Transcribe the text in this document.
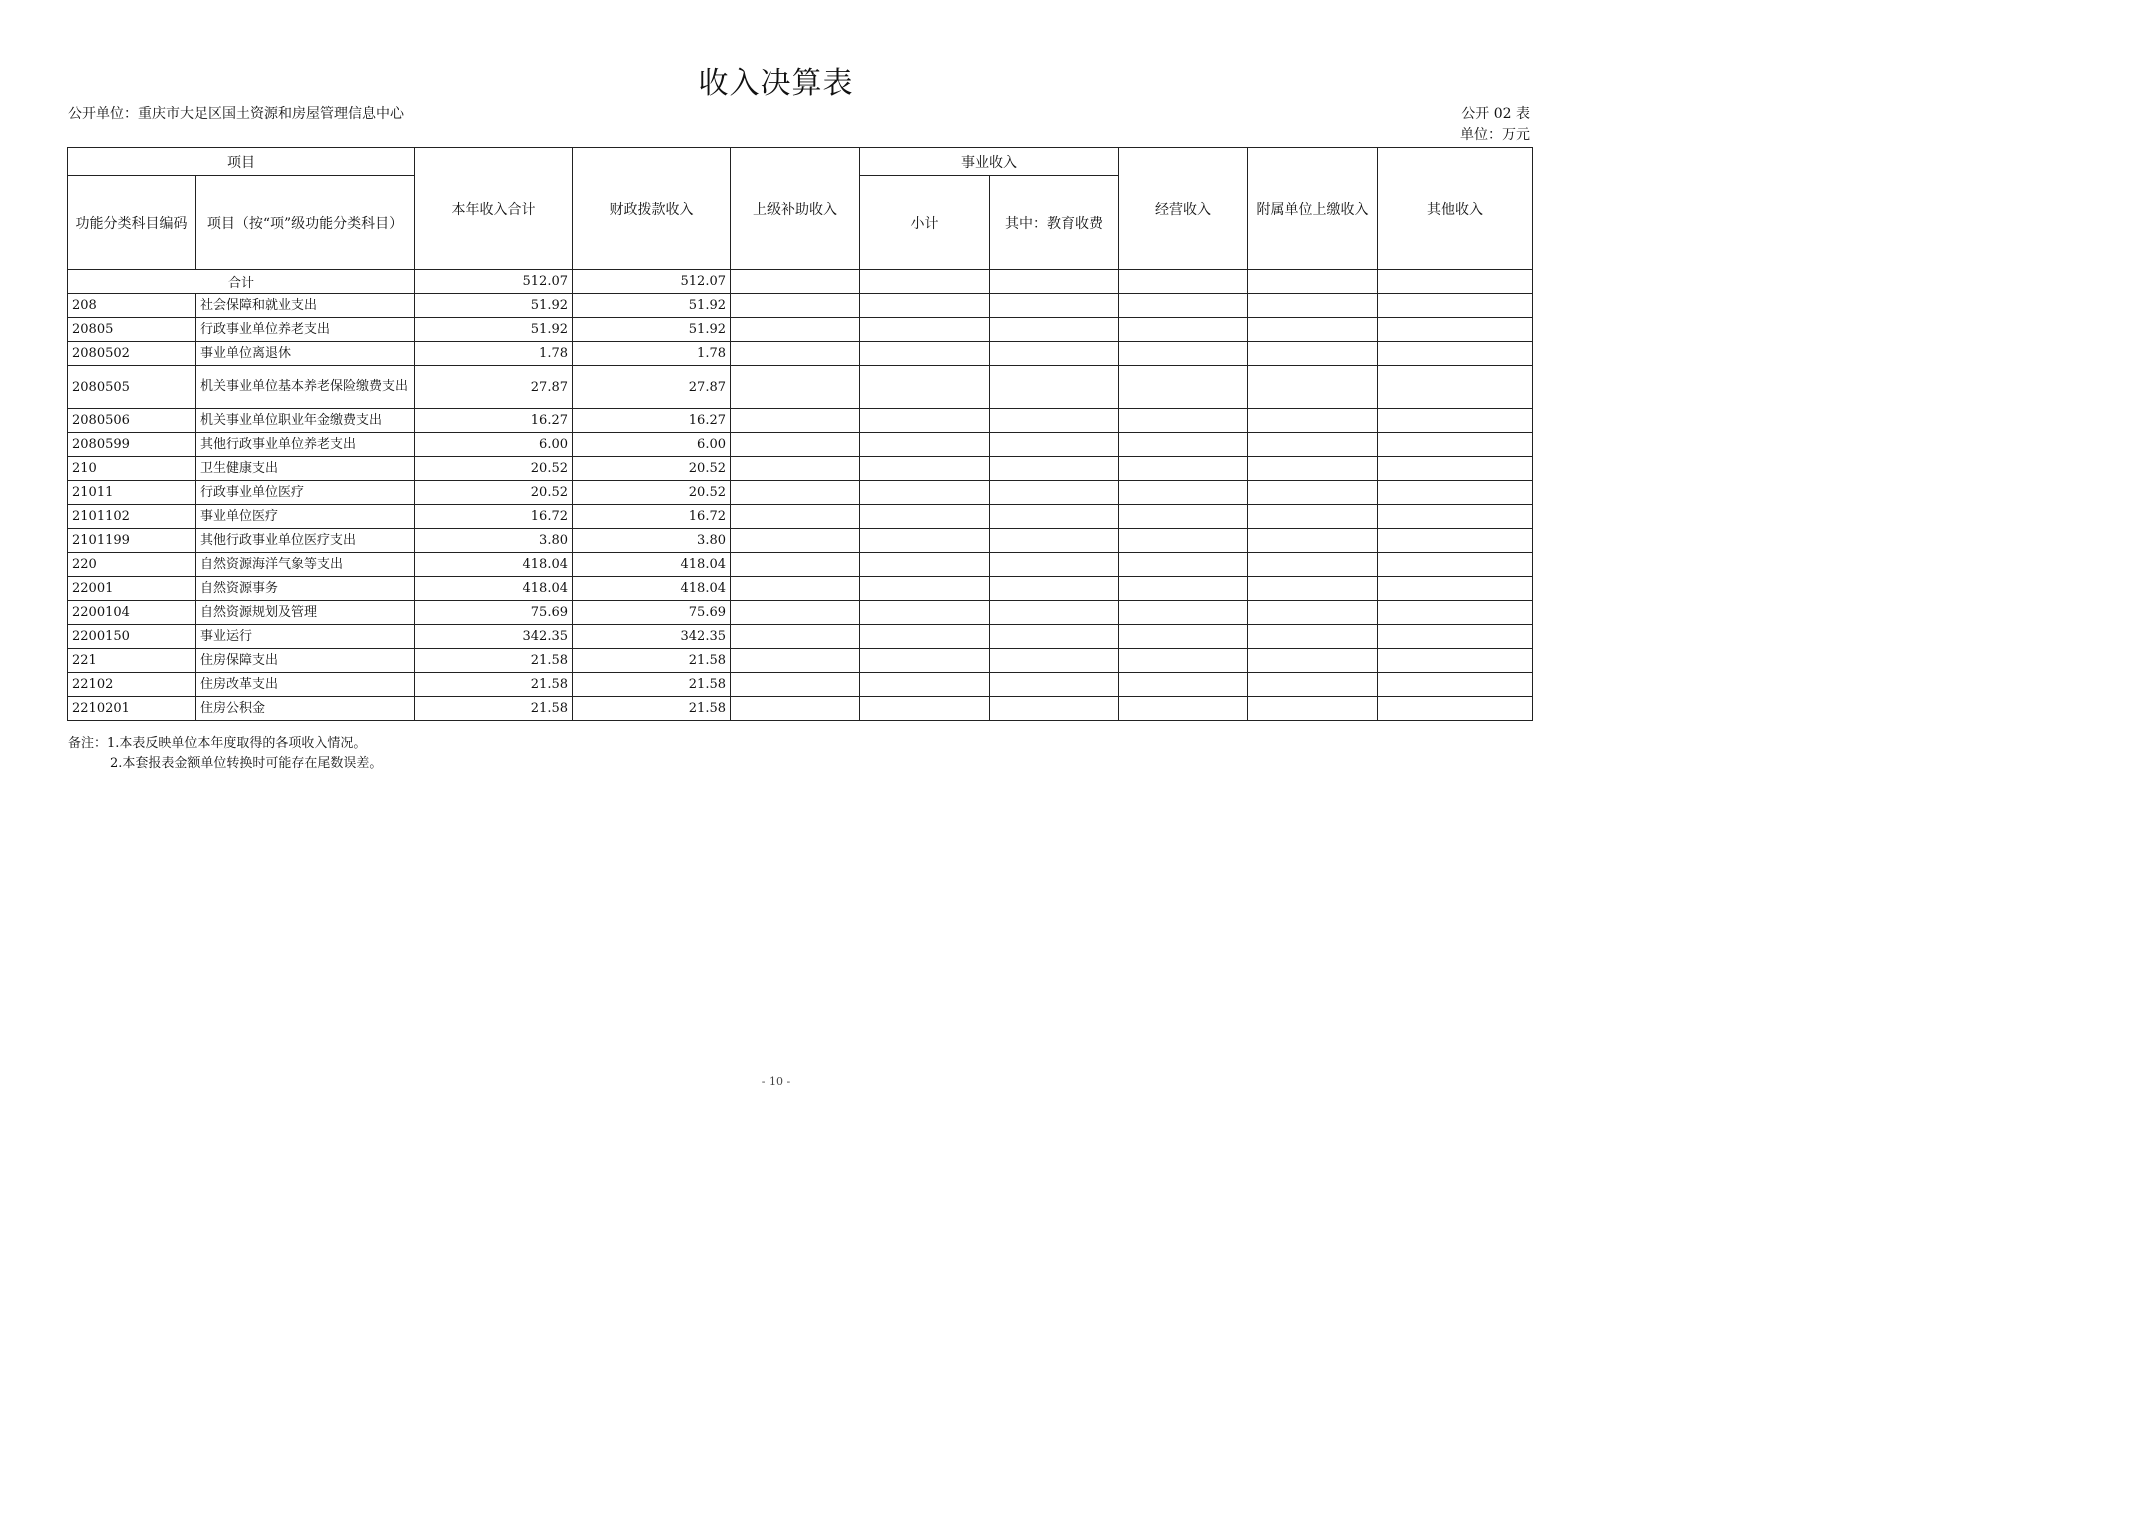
收入决算表
公开单位：重庆市大足区国土资源和房屋管理信息中心	公开 02 表
单位：万元
项目		本年收入合计	财政拨款收入	上级补助收入	事业收入		经营收入	附属单位上缴收入	其他收入
功能分类科目编码	项目（按“项”级功能分类科目）				小计	其中：教育收费			
合计		512.07	512.07						
208	社会保障和就业支出	51.92	51.92						
20805	行政事业单位养老支出	51.92	51.92						
2080502	事业单位离退休	1.78	1.78						
2080505	机关事业单位基本养老保险缴费支出	27.87	27.87						
2080506	机关事业单位职业年金缴费支出	16.27	16.27						
2080599	其他行政事业单位养老支出	6.00	6.00						
210	卫生健康支出	20.52	20.52						
21011	行政事业单位医疗	20.52	20.52						
2101102	事业单位医疗	16.72	16.72						
2101199	其他行政事业单位医疗支出	3.80	3.80						
220	自然资源海洋气象等支出	418.04	418.04						
22001	自然资源事务	418.04	418.04						
2200104	自然资源规划及管理	75.69	75.69						
2200150	事业运行	342.35	342.35						
221	住房保障支出	21.58	21.58						
22102	住房改革支出	21.58	21.58						
2210201	住房公积金	21.58	21.58						
备注：1.本表反映单位本年度取得的各项收入情况。
2.本套报表金额单位转换时可能存在尾数误差。
- 10 -
